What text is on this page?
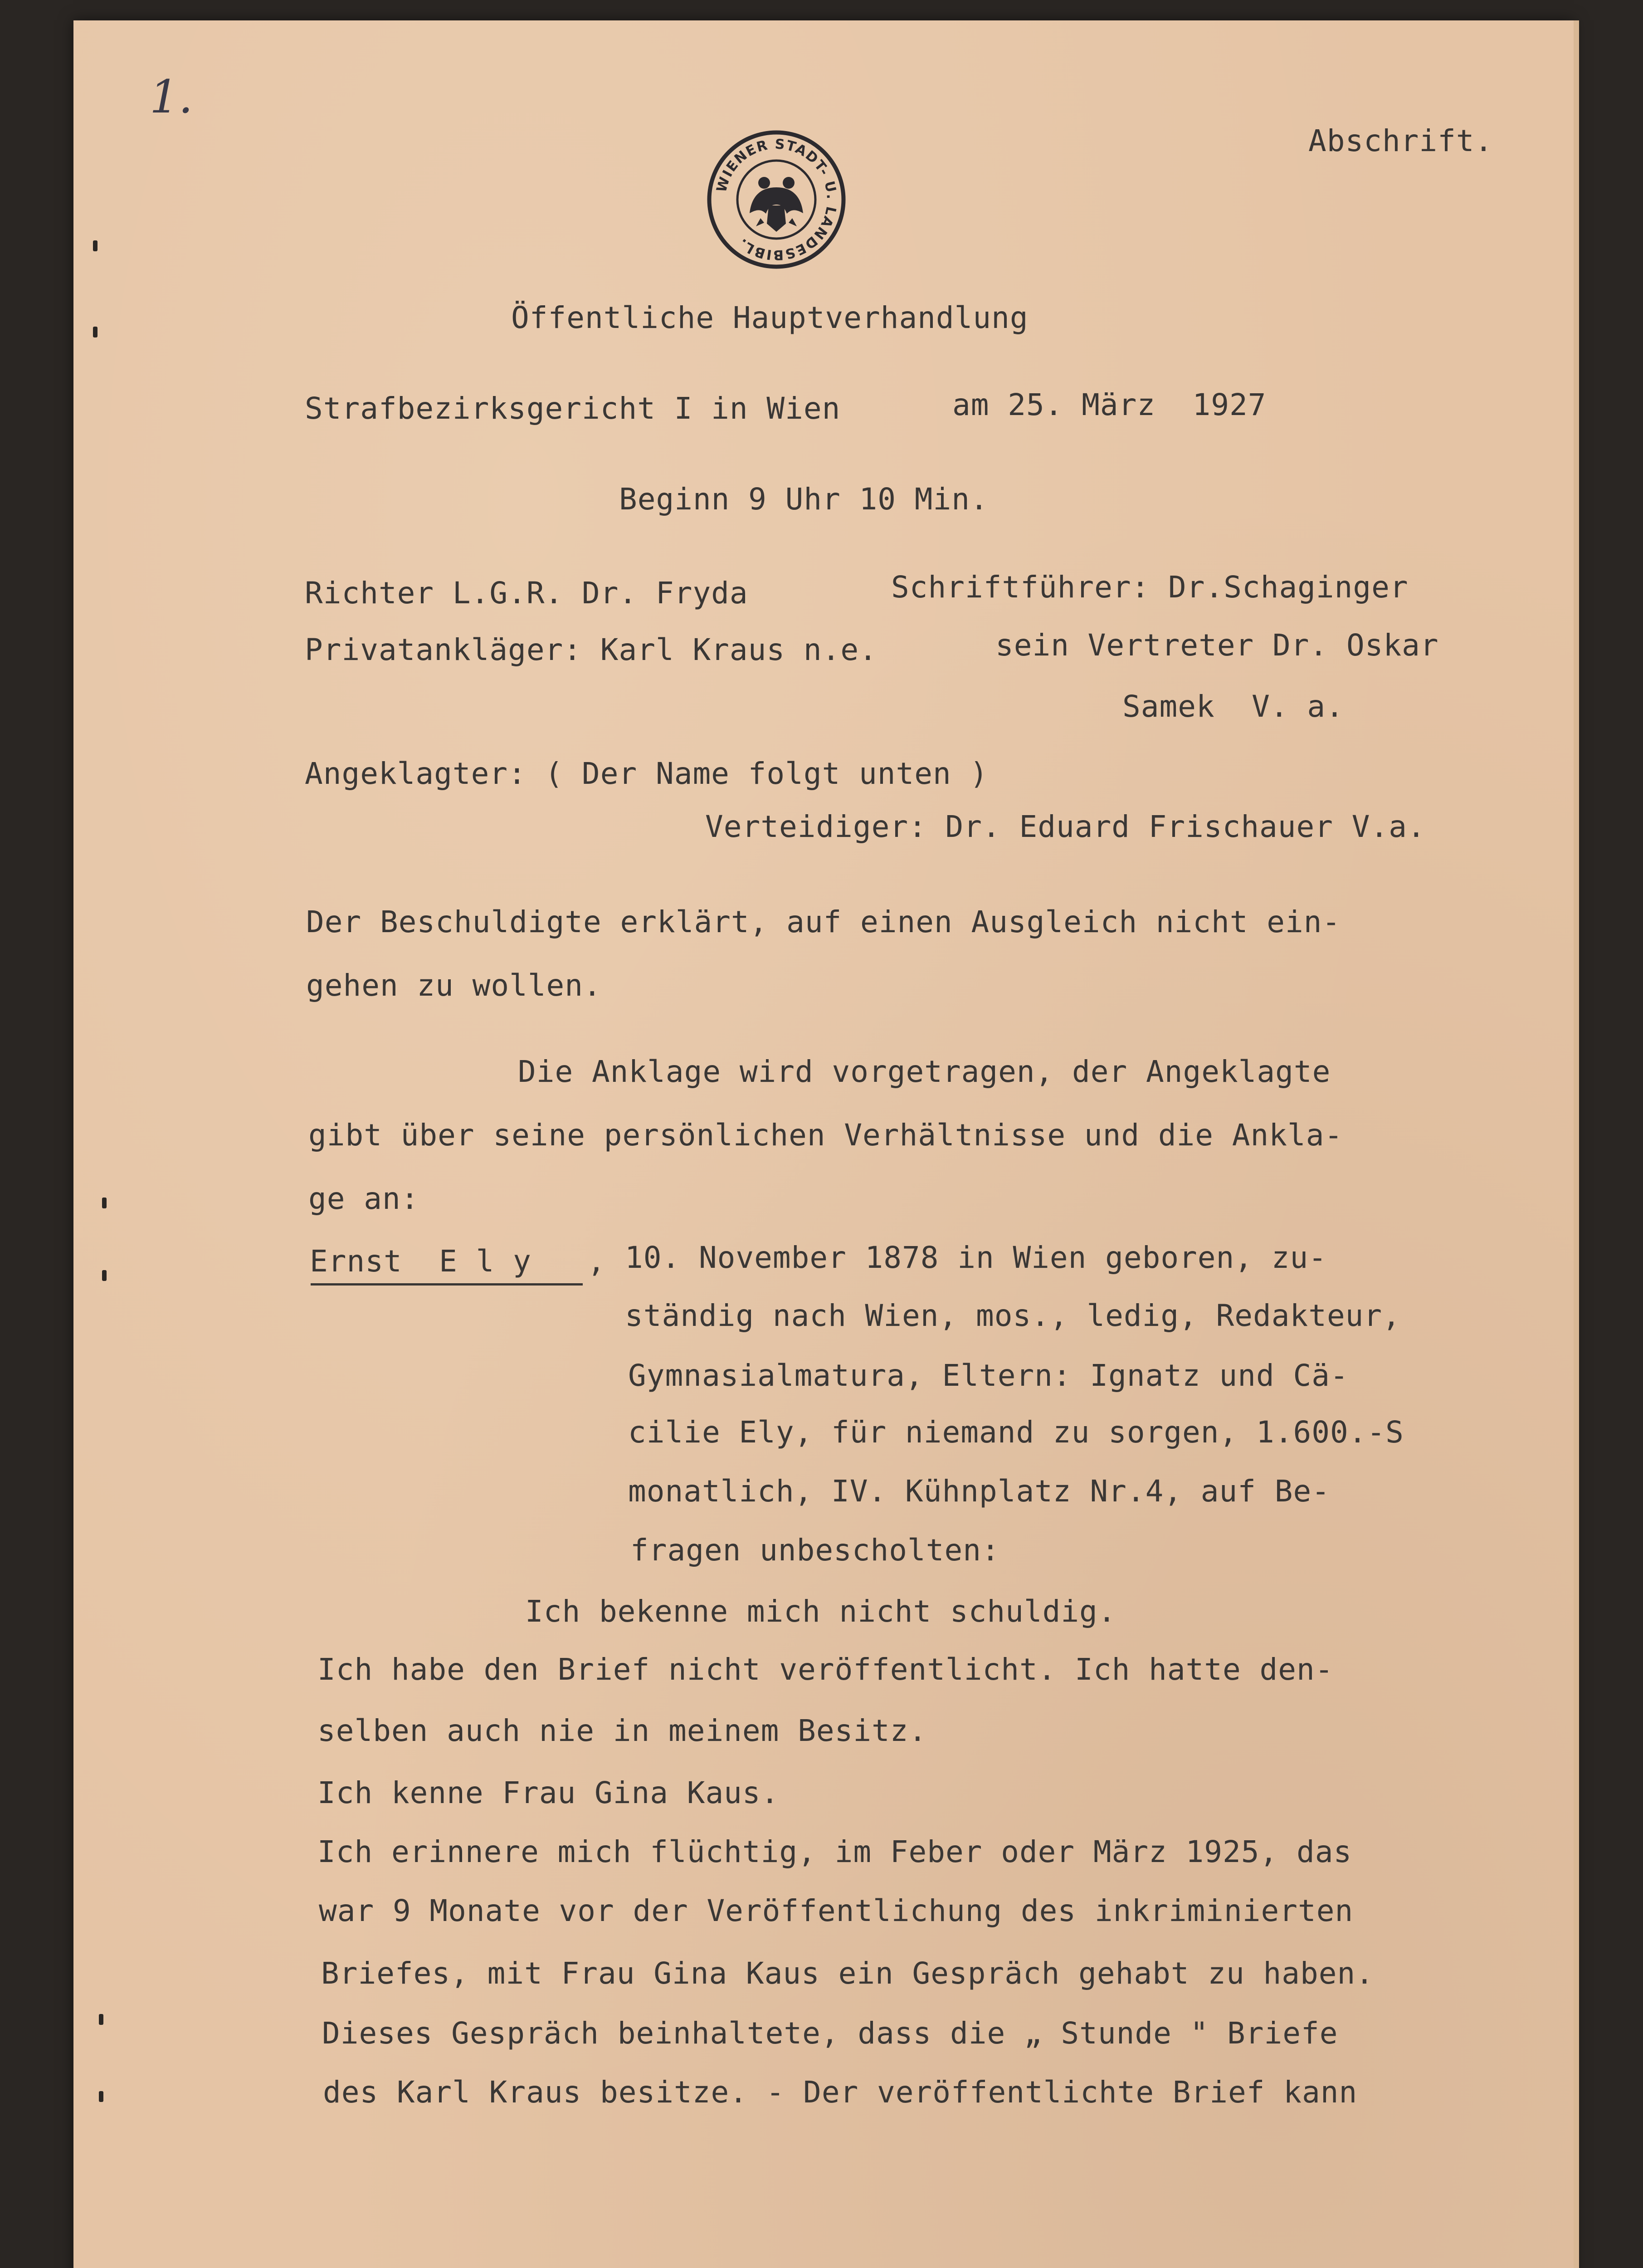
1.
Abschrift.
WIENER STADT- U. LANDESBIBL.
Öffentliche Hauptverhandlung
Strafbezirksgericht I in Wien	am 25. März  1927
Beginn 9 Uhr 10 Min.
Richter L.G.R. Dr. Fryda	Schriftführer: Dr.Schaginger
Privatankläger: Karl Kraus n.e.	sein Vertreter Dr. Oskar
Samek  V. a.
Angeklagter: ( Der Name folgt unten )
Verteidiger: Dr. Eduard Frischauer V.a.
Der Beschuldigte erklärt, auf einen Ausgleich nicht ein-
gehen zu wollen.
Die Anklage wird vorgetragen, der Angeklagte
gibt über seine persönlichen Verhältnisse und die Ankla-
ge an:
Ernst  E l y , 10. November 1878 in Wien geboren, zu-
ständig nach Wien, mos., ledig, Redakteur,
Gymnasialmatura, Eltern: Ignatz und Cä-
cilie Ely, für niemand zu sorgen, 1.600.-S
monatlich, IV. Kühnplatz Nr.4, auf Be-
fragen unbescholten:
Ich bekenne mich nicht schuldig.
Ich habe den Brief nicht veröffentlicht. Ich hatte den-
selben auch nie in meinem Besitz.
Ich kenne Frau Gina Kaus.
Ich erinnere mich flüchtig, im Feber oder März 1925, das
war 9 Monate vor der Veröffentlichung des inkriminierten
Briefes, mit Frau Gina Kaus ein Gespräch gehabt zu haben.
Dieses Gespräch beinhaltete, dass die „ Stunde " Briefe
des Karl Kraus besitze. - Der veröffentlichte Brief kann
